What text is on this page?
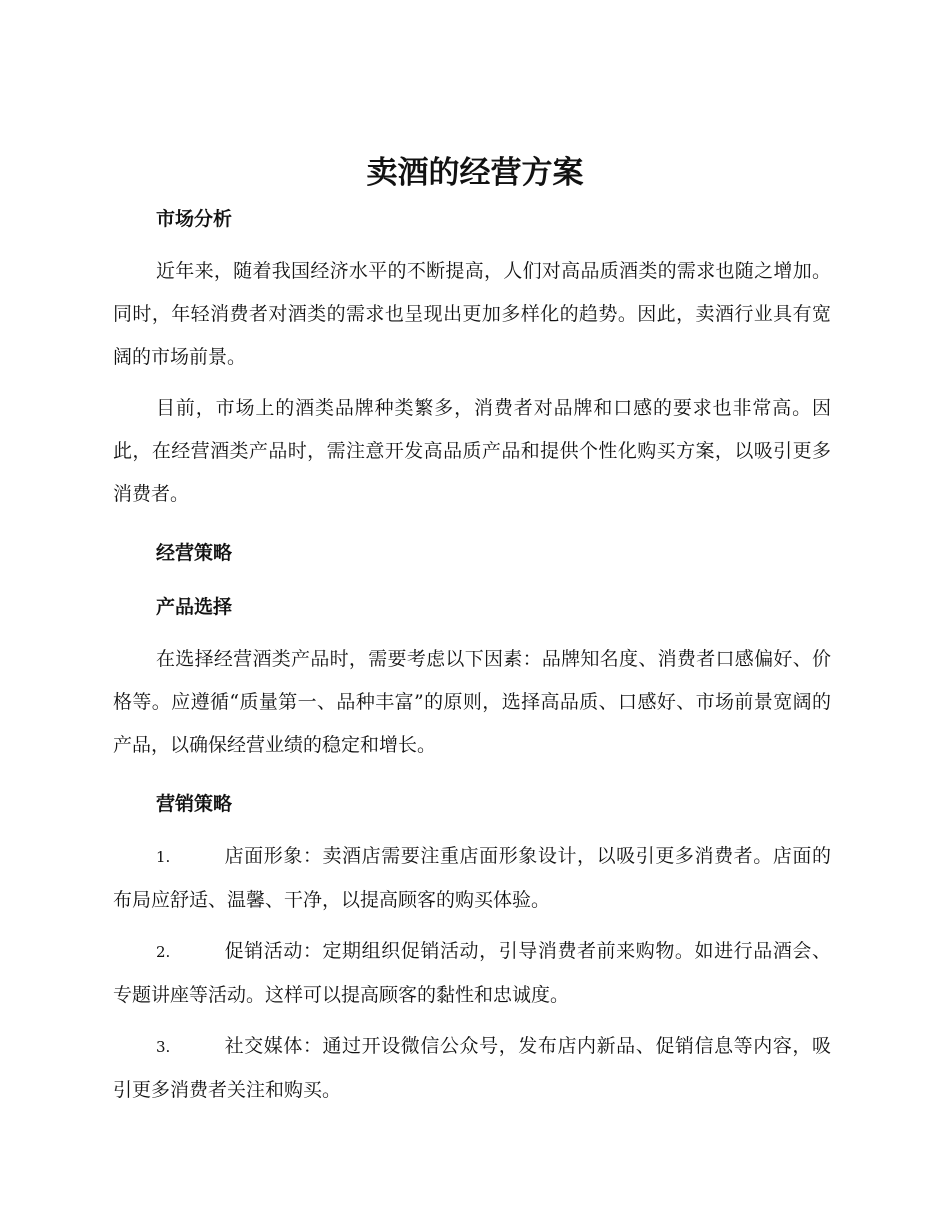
卖酒的经营方案
市场分析

近年来，随着我国经济水平的不断提高，人们对高品质酒类的需求也随之增加。同时，年轻消费者对酒类的需求也呈现出更加多样化的趋势。因此，卖酒行业具有宽阔的市场前景。

目前，市场上的酒类品牌种类繁多，消费者对品牌和口感的要求也非常高。因此，在经营酒类产品时，需注意开发高品质产品和提供个性化购买方案，以吸引更多消费者。

经营策略
产品选择

在选择经营酒类产品时，需要考虑以下因素：品牌知名度、消费者口感偏好、价格等。应遵循“质量第一、品种丰富”的原则，选择高品质、口感好、市场前景宽阔的产品，以确保经营业绩的稳定和增长。

营销策略

1.	店面形象：卖酒店需要注重店面形象设计，以吸引更多消费者。店面的布局应舒适、温馨、干净，以提高顾客的购买体验。

2.	促销活动：定期组织促销活动，引导消费者前来购物。如进行品酒会、专题讲座等活动。这样可以提高顾客的黏性和忠诚度。

3.	社交媒体：通过开设微信公众号，发布店内新品、促销信息等内容，吸引更多消费者关注和购买。
